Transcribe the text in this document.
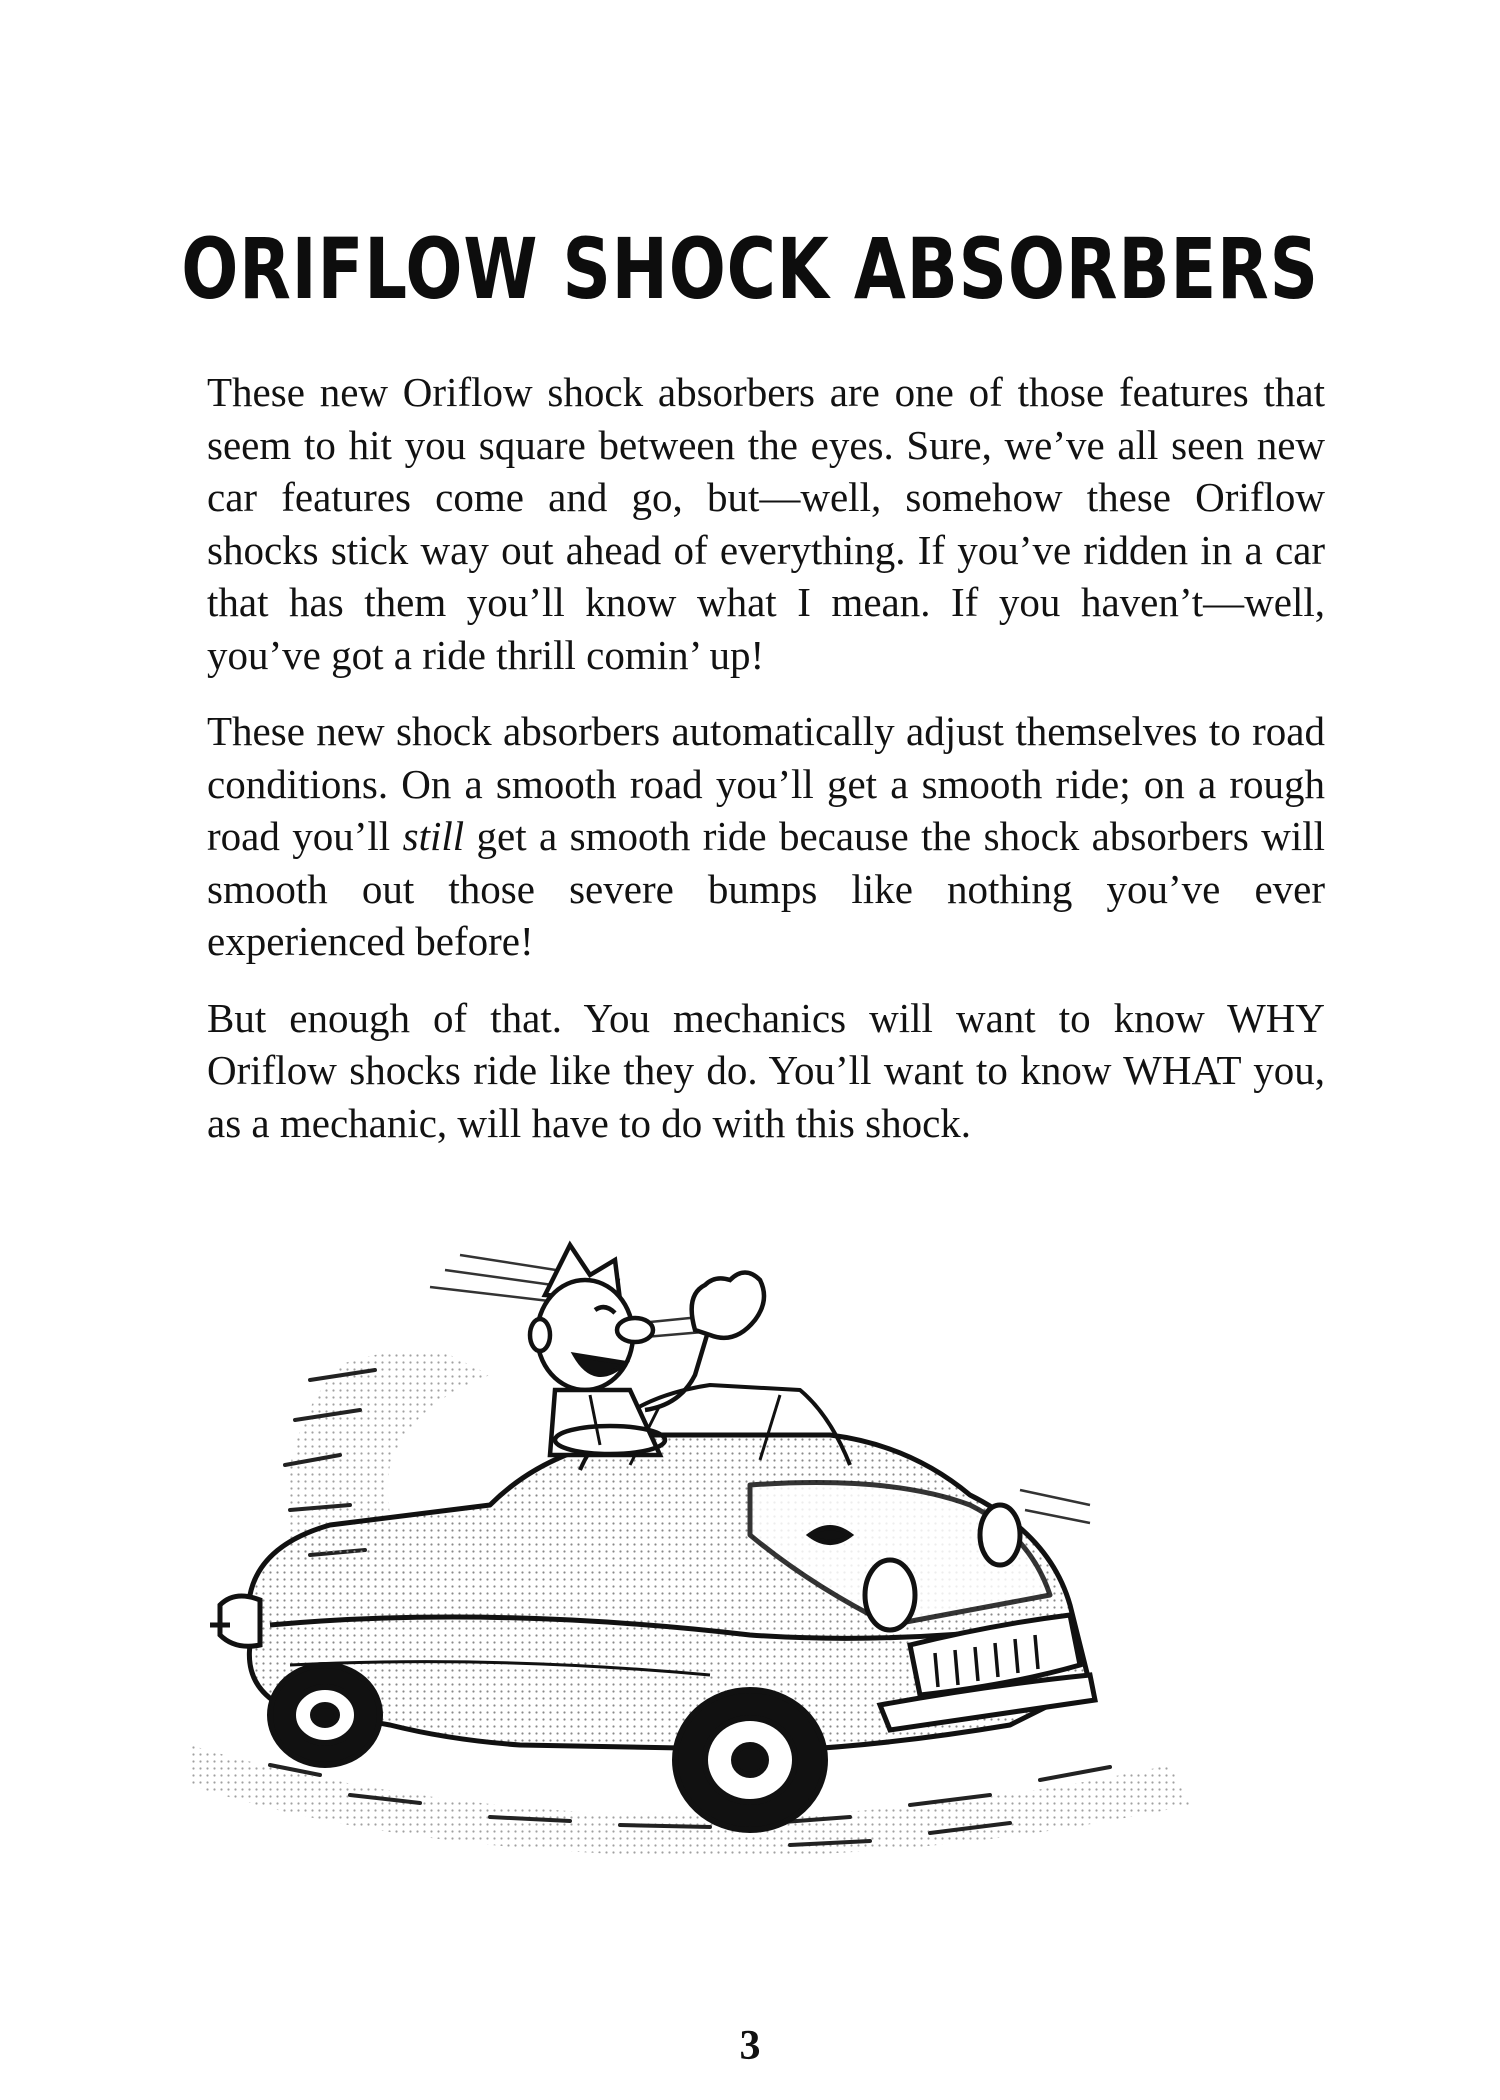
ORIFLOW SHOCK ABSORBERS

These new Oriflow shock absorbers are one of those features that seem to hit you square between the eyes. Sure, we’ve all seen new car features come and go, but—well, somehow these Oriflow shocks stick way out ahead of everything. If you’ve ridden in a car that has them you’ll know what I mean. If you haven’t—well, you’ve got a ride thrill comin’ up!

These new shock absorbers automatically adjust themselves to road conditions. On a smooth road you’ll get a smooth ride; on a rough road you’ll still get a smooth ride because the shock absorbers will smooth out those severe bumps like nothing you’ve ever experienced before!

But enough of that. You mechanics will want to know WHY Oriflow shocks ride like they do. You’ll want to know WHAT you, as a mechanic, will have to do with this shock.

3
